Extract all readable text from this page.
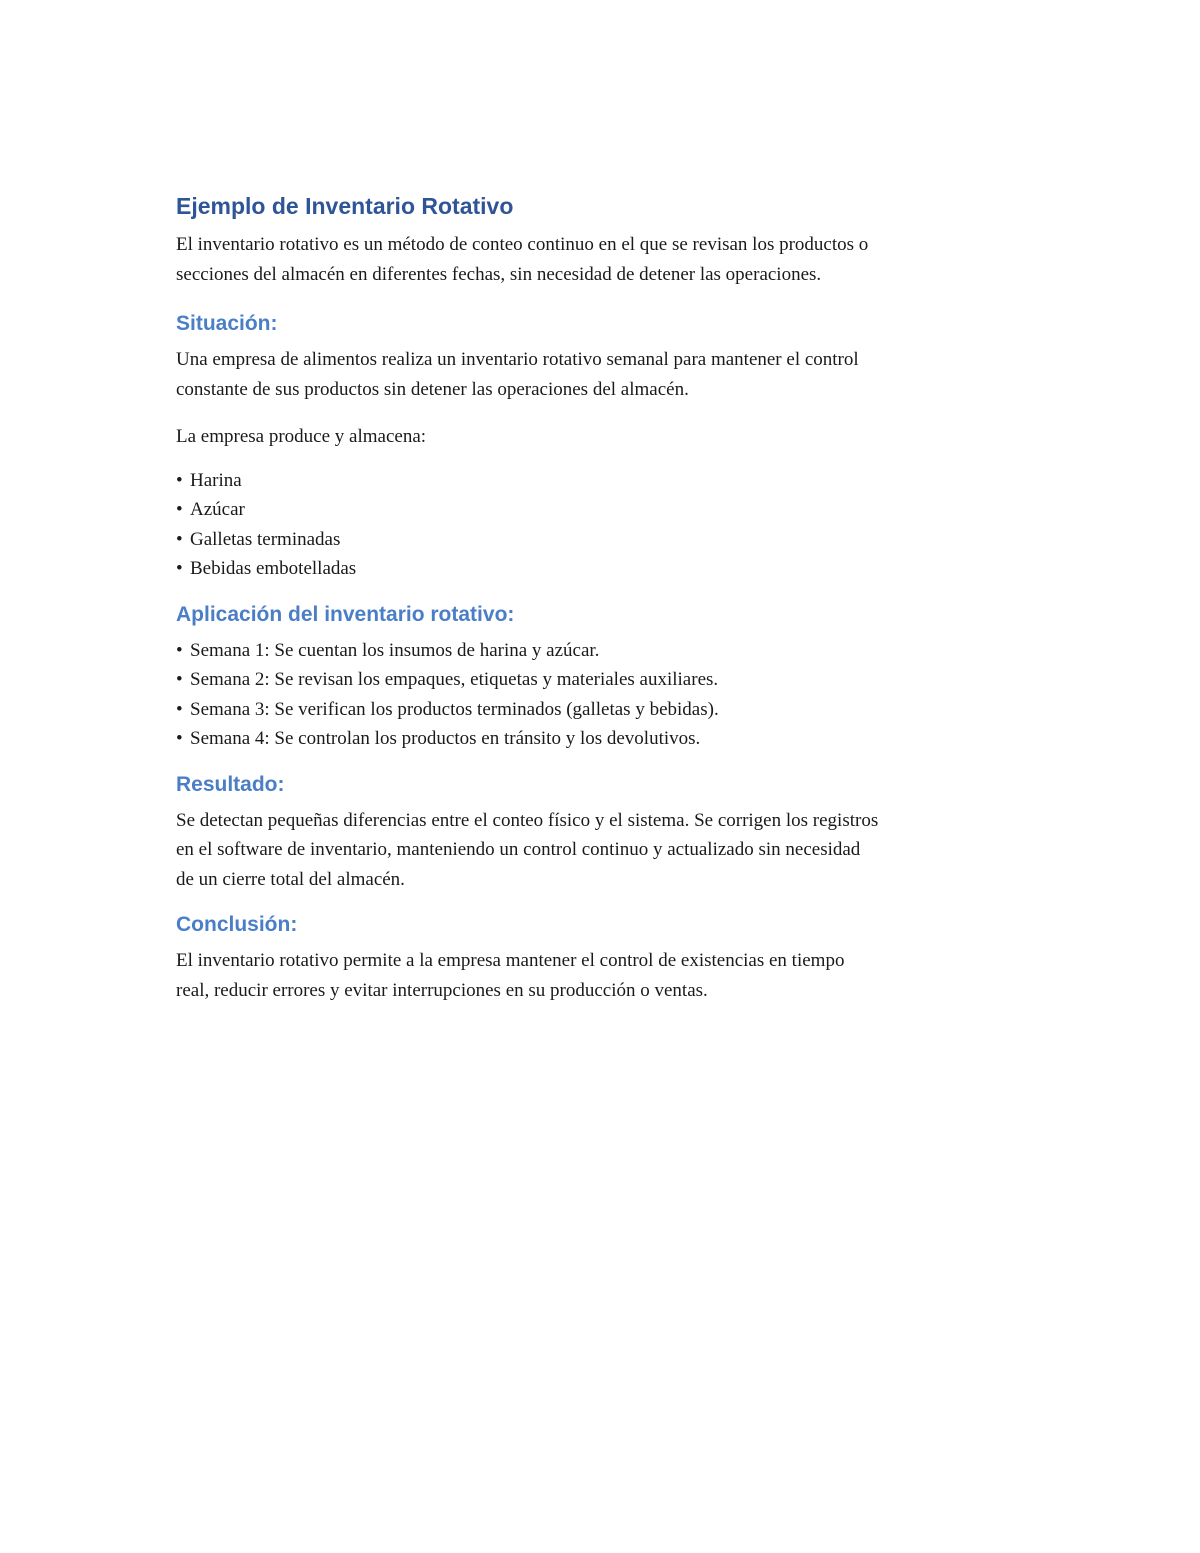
Ejemplo de Inventario Rotativo
El inventario rotativo es un método de conteo continuo en el que se revisan los productos o
secciones del almacén en diferentes fechas, sin necesidad de detener las operaciones.
Situación:
Una empresa de alimentos realiza un inventario rotativo semanal para mantener el control
constante de sus productos sin detener las operaciones del almacén.
La empresa produce y almacena:
• Harina
• Azúcar
• Galletas terminadas
• Bebidas embotelladas
Aplicación del inventario rotativo:
• Semana 1: Se cuentan los insumos de harina y azúcar.
• Semana 2: Se revisan los empaques, etiquetas y materiales auxiliares.
• Semana 3: Se verifican los productos terminados (galletas y bebidas).
• Semana 4: Se controlan los productos en tránsito y los devolutivos.
Resultado:
Se detectan pequeñas diferencias entre el conteo físico y el sistema. Se corrigen los registros
en el software de inventario, manteniendo un control continuo y actualizado sin necesidad
de un cierre total del almacén.
Conclusión:
El inventario rotativo permite a la empresa mantener el control de existencias en tiempo
real, reducir errores y evitar interrupciones en su producción o ventas.
